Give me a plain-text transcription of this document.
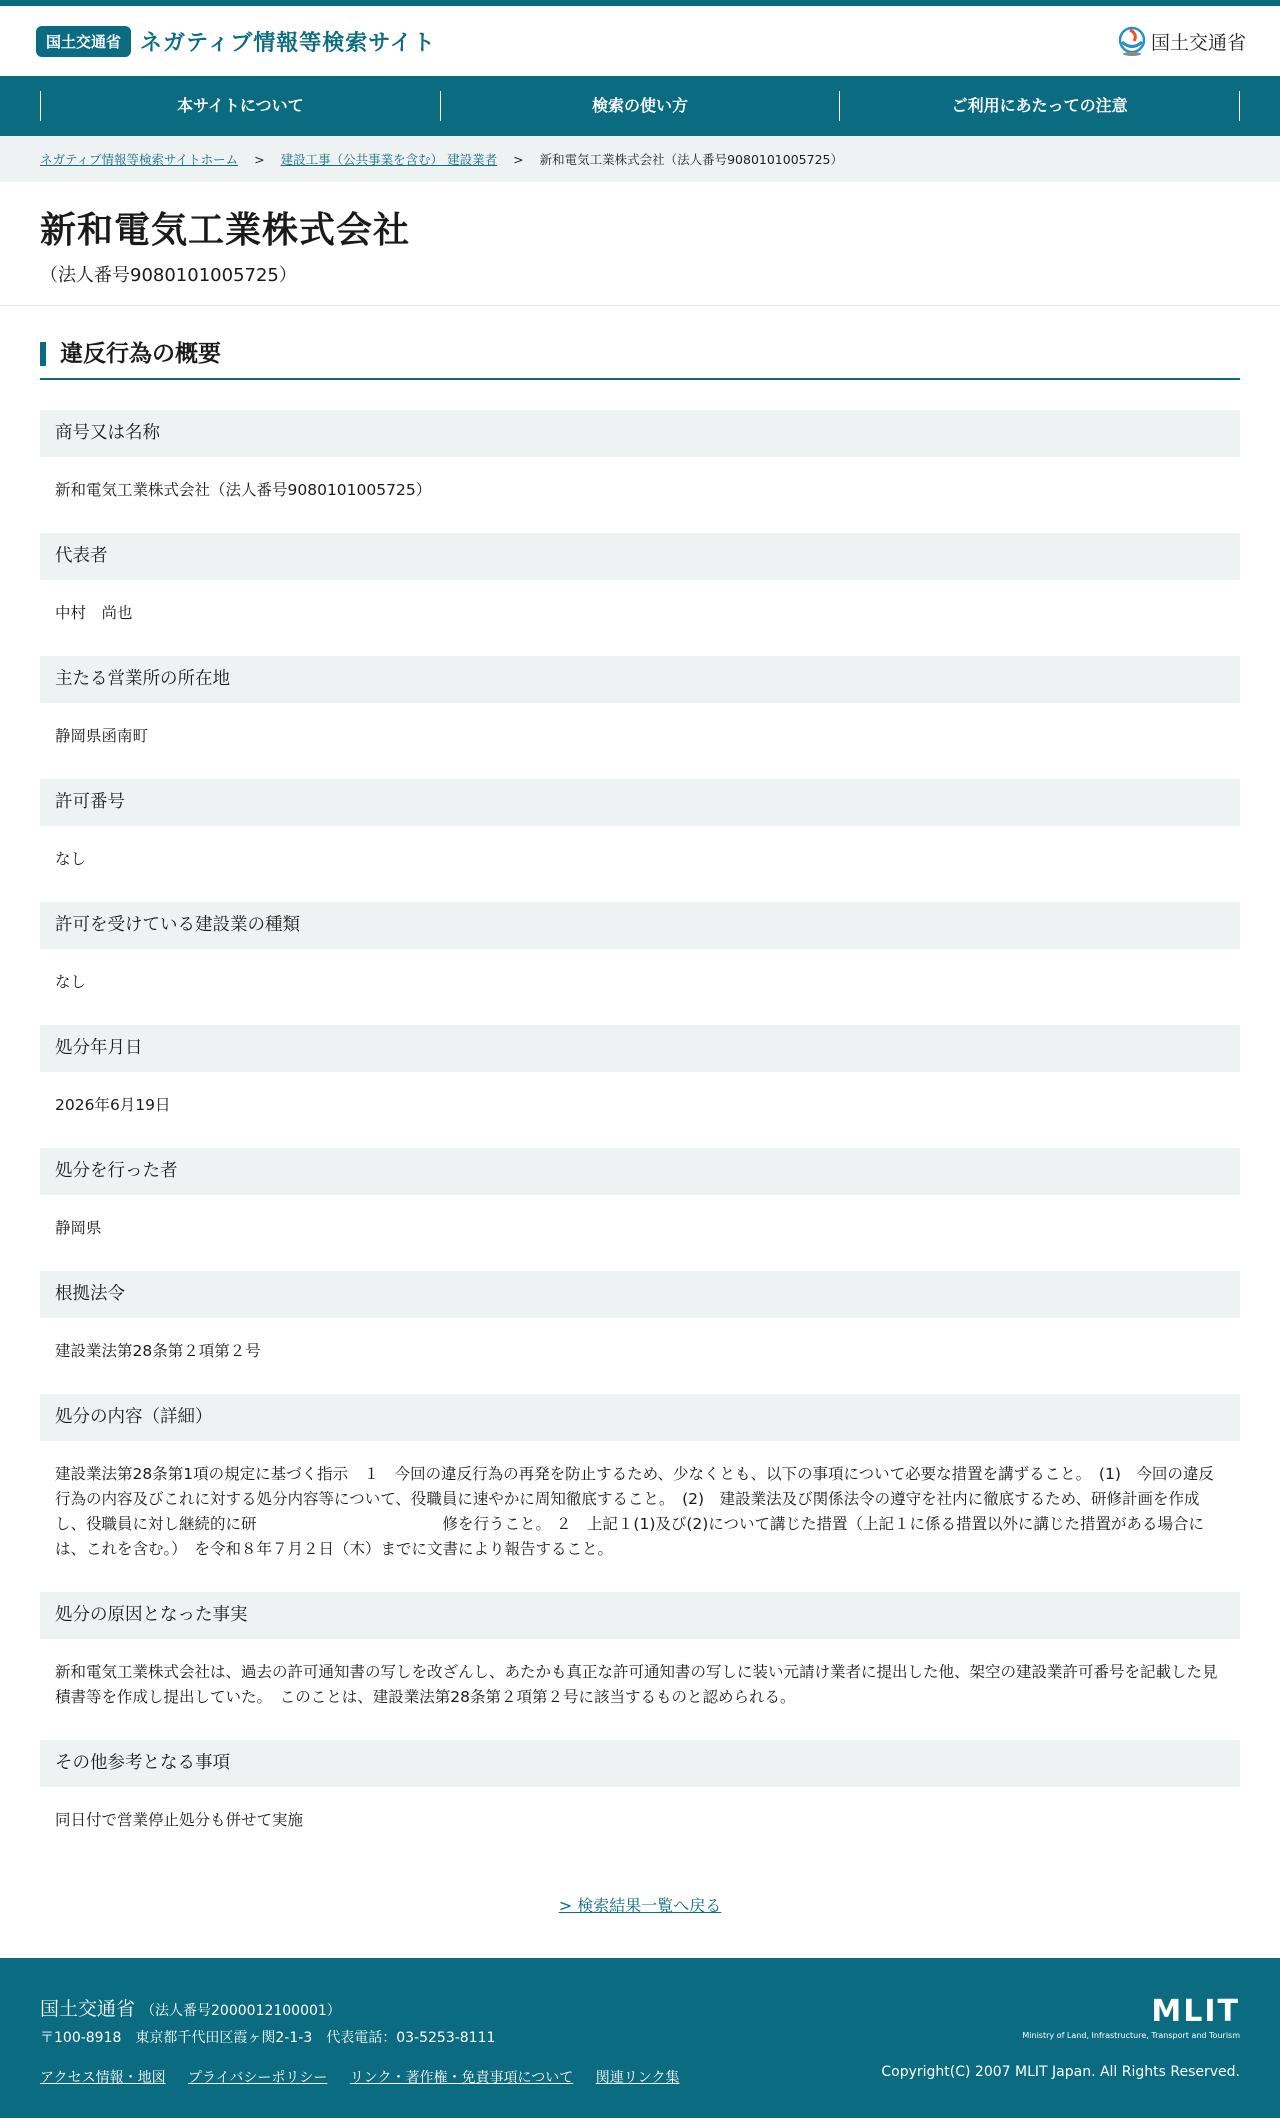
国土交通省 ネガティブ情報等検索サイト	国土交通省
本サイトについて	検索の使い方	ご利用にあたっての注意
ネガティブ情報等検索サイトホーム > 建設工事（公共事業を含む） 建設業者 > 新和電気工業株式会社（法人番号9080101005725）
新和電気工業株式会社
（法人番号9080101005725）
違反行為の概要
商号又は名称
新和電気工業株式会社（法人番号9080101005725）
代表者
中村　尚也
主たる営業所の所在地
静岡県函南町
許可番号
なし
許可を受けている建設業の種類
なし
処分年月日
2026年6月19日
処分を行った者
静岡県
根拠法令
建設業法第28条第２項第２号
処分の内容（詳細）
建設業法第28条第1項の規定に基づく指示　１　今回の違反行為の再発を防止するため、少なくとも、以下の事項について必要な措置を講ずること。　(1)　今回の違反行為の内容及びこれに対する処分内容等について、役職員に速やかに周知徹底すること。　(2)　建設業法及び関係法令の遵守を社内に徹底するため、研修計画を作成し、役職員に対し継続的に研　　　　　　　　　　　　修を行うこと。 ２　上記１(1)及び(2)について講じた措置（上記１に係る措置以外に講じた措置がある場合には、これを含む。）　を令和８年７月２日（木）までに文書により報告すること。
処分の原因となった事実
新和電気工業株式会社は、過去の許可通知書の写しを改ざんし、あたかも真正な許可通知書の写しに装い元請け業者に提出した他、架空の建設業許可番号を記載した見積書等を作成し提出していた。　このことは、建設業法第28条第２項第２号に該当するものと認められる。
その他参考となる事項
同日付で営業停止処分も併せて実施
> 検索結果一覧へ戻る
国土交通省 （法人番号2000012100001）
〒100-8918　東京都千代田区霞ヶ関2-1-3　代表電話：03-5253-8111
アクセス情報・地図 プライバシーポリシー リンク・著作権・免責事項について 関連リンク集
MLIT
Ministry of Land, Infrastructure, Transport and Tourism
Copyright(C) 2007 MLIT Japan. All Rights Reserved.
